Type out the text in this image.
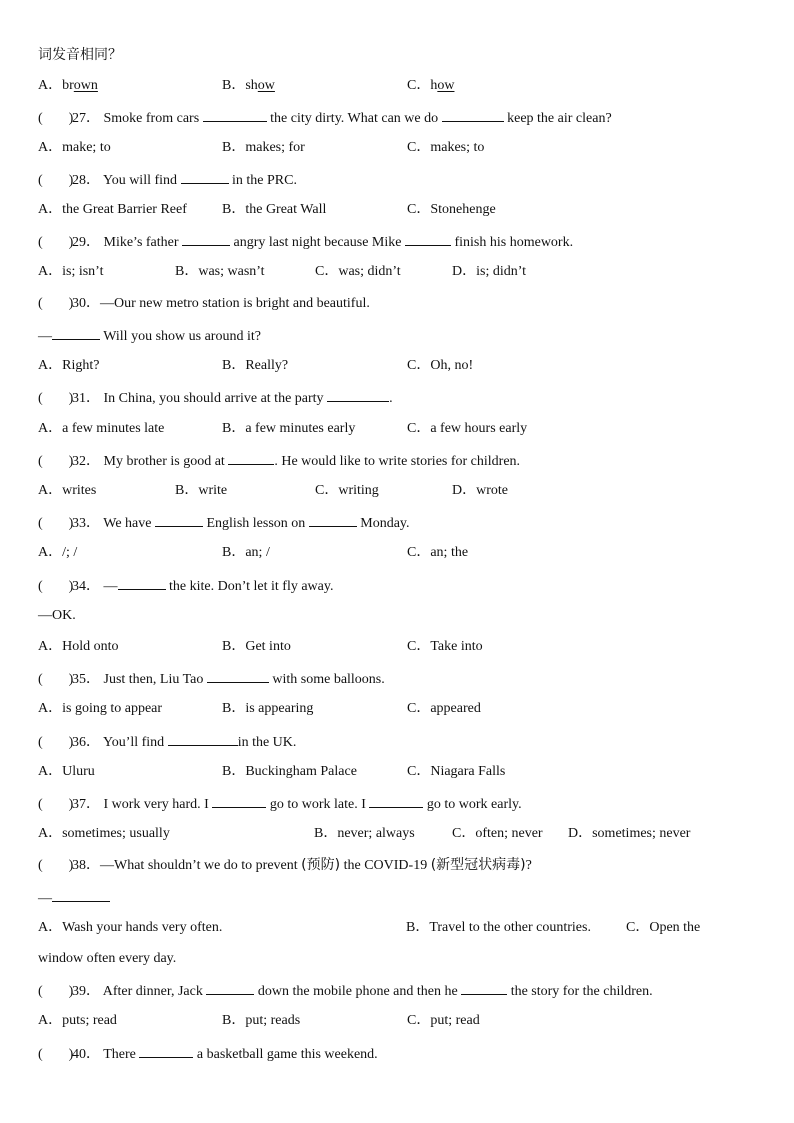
词发音相同？
A．brown	B．show	C．how
( )27． Smoke from cars	the city dirty. What can we do	keep the air clean?
A．make; to	B．makes; for	C．makes; to
( )28． You will find	in the PRC.
A．the Great Barrier Reef	B．the Great Wall	C．Stonehenge
( )29． Mike’s father	angry last night because Mike	finish his homework.
A．is; isn’t	B．was; wasn’t	C．was; didn’t	D．is; didn’t
( )30．—Our new metro station is bright and beautiful.
—	Will you show us around it?
A．Right?	B．Really?	C．Oh, no!
( )31． In China, you should arrive at the party	.
A．a few minutes late	B．a few minutes early	C．a few hours early
( )32． My brother is good at	. He would like to write stories for children.
A．writes	B．write	C．writing	D．wrote
( )33． We have	English lesson on	Monday.
A．/; /	B．an; /	C．an; the
( )34． —	the kite. Don’t let it fly away.
—OK.
A．Hold onto	B．Get into	C．Take into
( )35． Just then, Liu Tao	with some balloons.
A．is going to appear	B．is appearing	C．appeared
( )36． You’ll find	in the UK.
A．Uluru	B．Buckingham Palace	C．Niagara Falls
( )37． I work very hard. I	go to work late. I	go to work early.
A．sometimes; usually	B．never; always	C．often; never D．sometimes; never
( )38．—What shouldn’t we do to prevent (预防) the COVID-19 (新型冠状病毒)?
—
A．Wash your hands very often.	B．Travel to the other countries.	C．Open the
window often every day.
( )39． After dinner, Jack	down the mobile phone and then he	the story for the children.
A．puts; read	B．put; reads	C．put; read
( )40． There	a basketball game this weekend.
